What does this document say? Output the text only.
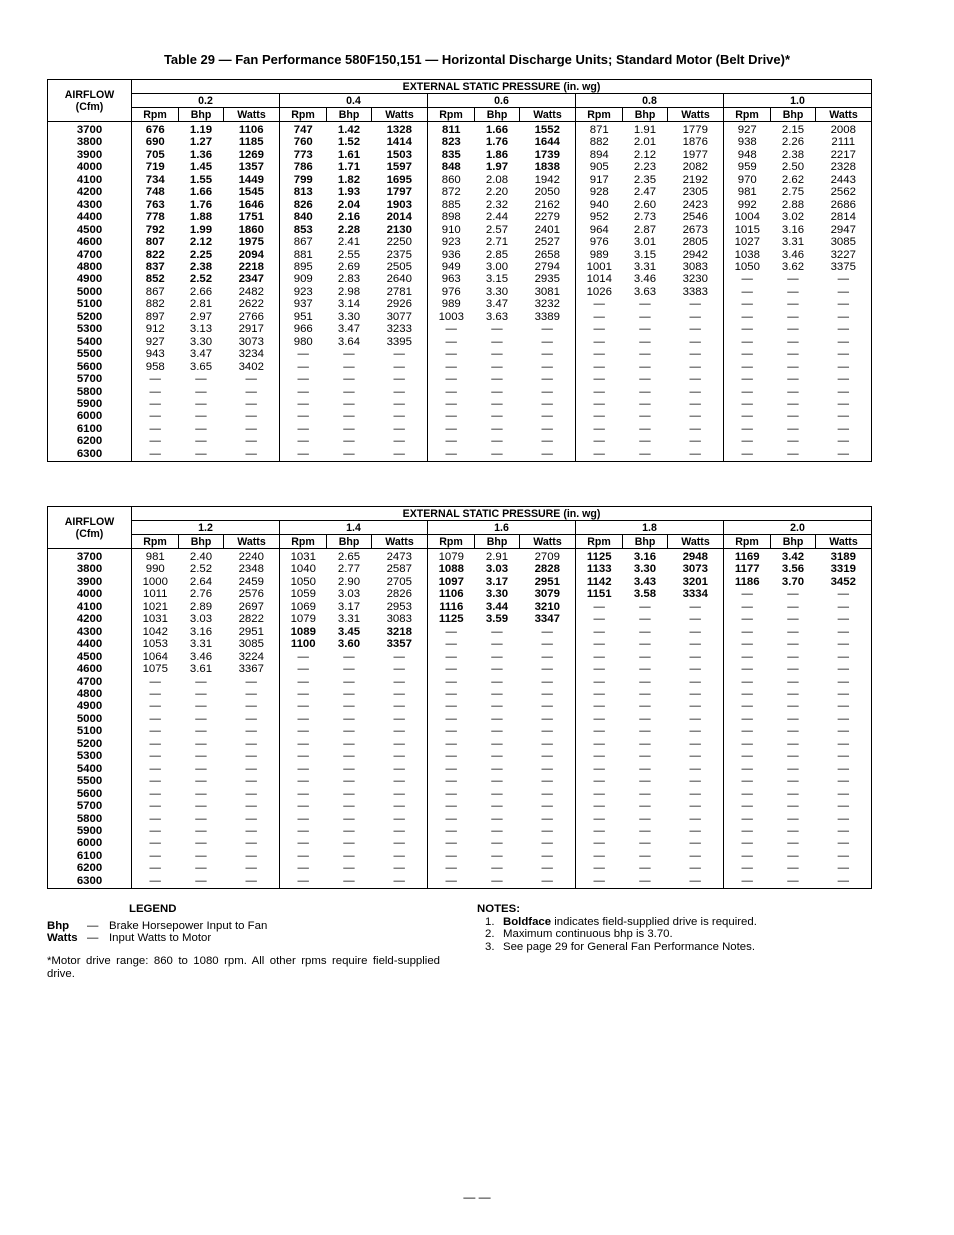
Table 29 — Fan Performance 580F150,151 — Horizontal Discharge Units; Standard Motor (Belt Drive)*
AIRFLOW
(Cfm)	EXTERNAL STATIC PRESSURE (in. wg)														
	0.2			0.4			0.6			0.8			1.0		
	Rpm	Bhp	Watts	Rpm	Bhp	Watts	Rpm	Bhp	Watts	Rpm	Bhp	Watts	Rpm	Bhp	Watts
3700	676	1.19	1106	747	1.42	1328	811	1.66	1552	871	1.91	1779	927	2.15	2008
3800	690	1.27	1185	760	1.52	1414	823	1.76	1644	882	2.01	1876	938	2.26	2111
3900	705	1.36	1269	773	1.61	1503	835	1.86	1739	894	2.12	1977	948	2.38	2217
4000	719	1.45	1357	786	1.71	1597	848	1.97	1838	905	2.23	2082	959	2.50	2328
4100	734	1.55	1449	799	1.82	1695	860	2.08	1942	917	2.35	2192	970	2.62	2443
4200	748	1.66	1545	813	1.93	1797	872	2.20	2050	928	2.47	2305	981	2.75	2562
4300	763	1.76	1646	826	2.04	1903	885	2.32	2162	940	2.60	2423	992	2.88	2686
4400	778	1.88	1751	840	2.16	2014	898	2.44	2279	952	2.73	2546	1004	3.02	2814
4500	792	1.99	1860	853	2.28	2130	910	2.57	2401	964	2.87	2673	1015	3.16	2947
4600	807	2.12	1975	867	2.41	2250	923	2.71	2527	976	3.01	2805	1027	3.31	3085
4700	822	2.25	2094	881	2.55	2375	936	2.85	2658	989	3.15	2942	1038	3.46	3227
4800	837	2.38	2218	895	2.69	2505	949	3.00	2794	1001	3.31	3083	1050	3.62	3375
4900	852	2.52	2347	909	2.83	2640	963	3.15	2935	1014	3.46	3230	—	—	—
5000	867	2.66	2482	923	2.98	2781	976	3.30	3081	1026	3.63	3383	—	—	—
5100	882	2.81	2622	937	3.14	2926	989	3.47	3232	—	—	—	—	—	—
5200	897	2.97	2766	951	3.30	3077	1003	3.63	3389	—	—	—	—	—	—
5300	912	3.13	2917	966	3.47	3233	—	—	—	—	—	—	—	—	—
5400	927	3.30	3073	980	3.64	3395	—	—	—	—	—	—	—	—	—
5500	943	3.47	3234	—	—	—	—	—	—	—	—	—	—	—	—
5600	958	3.65	3402	—	—	—	—	—	—	—	—	—	—	—	—
5700	—	—	—	—	—	—	—	—	—	—	—	—	—	—	—
5800	—	—	—	—	—	—	—	—	—	—	—	—	—	—	—
5900	—	—	—	—	—	—	—	—	—	—	—	—	—	—	—
6000	—	—	—	—	—	—	—	—	—	—	—	—	—	—	—
6100	—	—	—	—	—	—	—	—	—	—	—	—	—	—	—
6200	—	—	—	—	—	—	—	—	—	—	—	—	—	—	—
6300	—	—	—	—	—	—	—	—	—	—	—	—	—	—	—
AIRFLOW
(Cfm)	EXTERNAL STATIC PRESSURE (in. wg)														
	1.2			1.4			1.6			1.8			2.0		
	Rpm	Bhp	Watts	Rpm	Bhp	Watts	Rpm	Bhp	Watts	Rpm	Bhp	Watts	Rpm	Bhp	Watts
3700	981	2.40	2240	1031	2.65	2473	1079	2.91	2709	1125	3.16	2948	1169	3.42	3189
3800	990	2.52	2348	1040	2.77	2587	1088	3.03	2828	1133	3.30	3073	1177	3.56	3319
3900	1000	2.64	2459	1050	2.90	2705	1097	3.17	2951	1142	3.43	3201	1186	3.70	3452
4000	1011	2.76	2576	1059	3.03	2826	1106	3.30	3079	1151	3.58	3334	—	—	—
4100	1021	2.89	2697	1069	3.17	2953	1116	3.44	3210	—	—	—	—	—	—
4200	1031	3.03	2822	1079	3.31	3083	1125	3.59	3347	—	—	—	—	—	—
4300	1042	3.16	2951	1089	3.45	3218	—	—	—	—	—	—	—	—	—
4400	1053	3.31	3085	1100	3.60	3357	—	—	—	—	—	—	—	—	—
4500	1064	3.46	3224	—	—	—	—	—	—	—	—	—	—	—	—
4600	1075	3.61	3367	—	—	—	—	—	—	—	—	—	—	—	—
4700	—	—	—	—	—	—	—	—	—	—	—	—	—	—	—
4800	—	—	—	—	—	—	—	—	—	—	—	—	—	—	—
4900	—	—	—	—	—	—	—	—	—	—	—	—	—	—	—
5000	—	—	—	—	—	—	—	—	—	—	—	—	—	—	—
5100	—	—	—	—	—	—	—	—	—	—	—	—	—	—	—
5200	—	—	—	—	—	—	—	—	—	—	—	—	—	—	—
5300	—	—	—	—	—	—	—	—	—	—	—	—	—	—	—
5400	—	—	—	—	—	—	—	—	—	—	—	—	—	—	—
5500	—	—	—	—	—	—	—	—	—	—	—	—	—	—	—
5600	—	—	—	—	—	—	—	—	—	—	—	—	—	—	—
5700	—	—	—	—	—	—	—	—	—	—	—	—	—	—	—
5800	—	—	—	—	—	—	—	—	—	—	—	—	—	—	—
5900	—	—	—	—	—	—	—	—	—	—	—	—	—	—	—
6000	—	—	—	—	—	—	—	—	—	—	—	—	—	—	—
6100	—	—	—	—	—	—	—	—	—	—	—	—	—	—	—
6200	—	—	—	—	—	—	—	—	—	—	—	—	—	—	—
6300	—	—	—	—	—	—	—	—	—	—	—	—	—	—	—
LEGEND
Bhp — Brake Horsepower Input to Fan
Watts — Input Watts to Motor
*Motor drive range: 860 to 1080 rpm. All other rpms require field-supplied drive.
NOTES:
1. Boldface indicates field-supplied drive is required.
2. Maximum continuous bhp is 3.70.
3. See page 29 for General Fan Performance Notes.
— —
